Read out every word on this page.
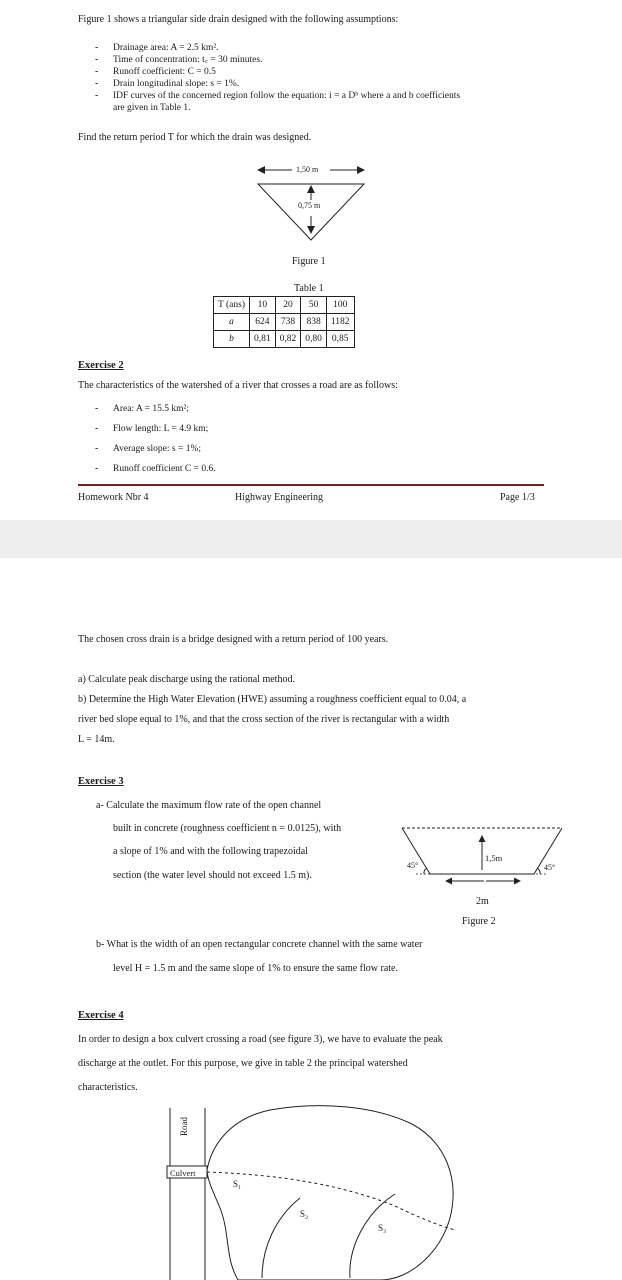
Figure 1 shows a triangular side drain designed with the following assumptions:
- Drainage area: A = 2.5 km².
- Time of concentration: t꜀ = 30 minutes.
- Runoff coefficient: C = 0.5
- Drain longitudinal slope: s = 1%.
- IDF curves of the concerned region follow the equation: i = a Dᵇ where a and b coefficients
are given in Table 1.
Find the return period T for which the drain was designed.
1,50 m
0,75 m
Figure 1
Table 1
T (ans)	10	20	50	100
a	624	738	838	1182
b	0,81	0,82	0,80	0,85
Exercise 2
The characteristics of the watershed of a river that crosses a road are as follows:
- Area: A = 15.5 km²;
- Flow length: L = 4.9 km;
- Average slope: s = 1%;
- Runoff coefficient C = 0.6.
Homework Nbr 4	Highway Engineering	Page 1/3
The chosen cross drain is a bridge designed with a return period of 100 years.
a) Calculate peak discharge using the rational method.
b) Determine the High Water Elevation (HWE) assuming a roughness coefficient equal to 0.04, a
river bed slope equal to 1%, and that the cross section of the river is rectangular with a width
L = 14m.
Exercise 3
a- Calculate the maximum flow rate of the open channel
built in concrete (roughness coefficient n = 0.0125), with
a slope of 1% and with the following trapezoidal
section (the water level should not exceed 1.5 m).
45°	45°
1,5m
2m
Figure 2
b- What is the width of an open rectangular concrete channel with the same water
level H = 1.5 m and the same slope of 1% to ensure the same flow rate.
Exercise 4
In order to design a box culvert crossing a road (see figure 3), we have to evaluate the peak
discharge at the outlet. For this purpose, we give in table 2 the principal watershed
characteristics.
Road
Culvert
S₁
S₂
S₃
